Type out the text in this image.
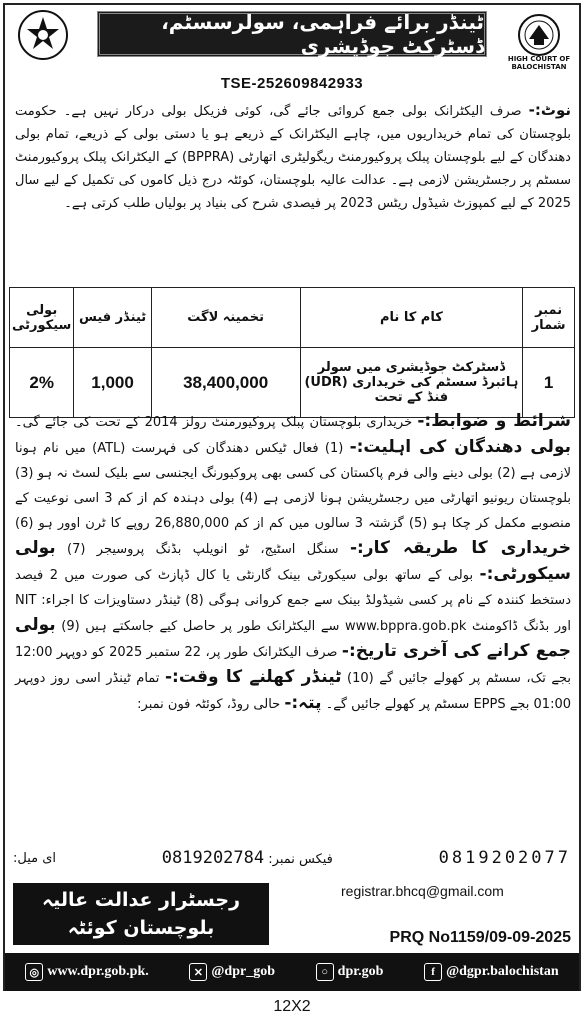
ٹینڈر برائے فراہمی، سولرسسٹم، ڈسٹرکٹ جوڈیشری
HIGH COURT OF BALOCHISTAN
TSE-252609842933
نوٹ:- صرف الیکٹرانک بولی جمع کروائی جائے گی، کوئی فزیکل بولی درکار نہیں ہے۔ حکومت بلوچستان کی تمام خریداریوں میں، چاہے الیکٹرانک کے ذریعے ہو یا دستی بولی کے ذریعے، تمام بولی دھندگان کے لیے بلوچستان پبلک پروکیورمنٹ ریگولیٹری اتھارٹی (BPPRA) کے الیکٹرانک پبلک پروکیورمنٹ سسٹم پر رجسٹریشن لازمی ہے۔ عدالت عالیہ بلوچستان، کوئٹہ درج ذیل کاموں کی تکمیل کے لیے سال 2025 کے لیے کمپوزٹ شیڈول ریٹس 2023 پر فیصدی شرح کی بنیاد پر بولیاں طلب کرتی ہے۔
نمبر شمار	کام کا نام	تخمینہ لاگت	ٹینڈر فیس	بولی سیکورٹی
1	ڈسٹرکٹ جوڈیشری میں سولر ہائبرڈ سسٹم کی خریداری (UDR) فنڈ کے تحت	38,400,000	1,000	2%
شرائط و ضوابط:- خریداری بلوچستان پبلک پروکیورمنٹ رولز 2014 کے تحت کی جائے گی۔ بولی دھندگان کی اہلیت:- (1) فعال ٹیکس دھندگان کی فہرست (ATL) میں نام ہونا لازمی ہے (2) بولی دینے والی فرم پاکستان کی کسی بھی پروکیورنگ ایجنسی سے بلیک لسٹ نہ ہو (3) بلوچستان ریونیو اتھارٹی میں رجسٹریشن ہونا لازمی ہے (4) بولی دہندہ کم از کم 3 اسی نوعیت کے منصوبے مکمل کر چکا ہو (5) گزشتہ 3 سالوں میں کم از کم 26,880,000 روپے کا ٹرن اوور ہو (6) خریداری کا طریقہ کار:- سنگل اسٹیج، ٹو انویلپ بڈنگ پروسیجر (7) بولی سیکورٹی:- بولی کے ساتھ بولی سیکورٹی بینک گارنٹی یا کال ڈپازٹ کی صورت میں 2 فیصد دستخط کنندہ کے نام پر کسی شیڈولڈ بینک سے جمع کروانی ہوگی (8) ٹینڈر دستاویزات کا اجراء: NIT اور بڈنگ ڈاکومنٹ www.bppra.gob.pk سے الیکٹرانک طور پر حاصل کیے جاسکتے ہیں (9) بولی جمع کرانے کی آخری تاریخ:- صرف الیکٹرانک طور پر، 22 ستمبر 2025 کو دوپہر 12:00 بجے تک، سسٹم پر کھولے جائیں گے (10) ٹینڈر کھلنے کا وقت:- تمام ٹینڈر اسی روز دوپہر 01:00 بجے EPPS سسٹم پر کھولے جائیں گے۔ پتہ:- حالی روڈ، کوئٹہ فون نمبر:
0819202077
فیکس نمبر: 0819202784
ای میل:
رجسٹرار عدالت عالیہ
بلوچستان کوئٹہ
registrar.bhcq@gmail.com
PRQ No1159/09-09-2025
◎ www.dpr.gob.pk.	✕ @dpr_gob	○ dpr.gob	f @dgpr.balochistan
12X2
